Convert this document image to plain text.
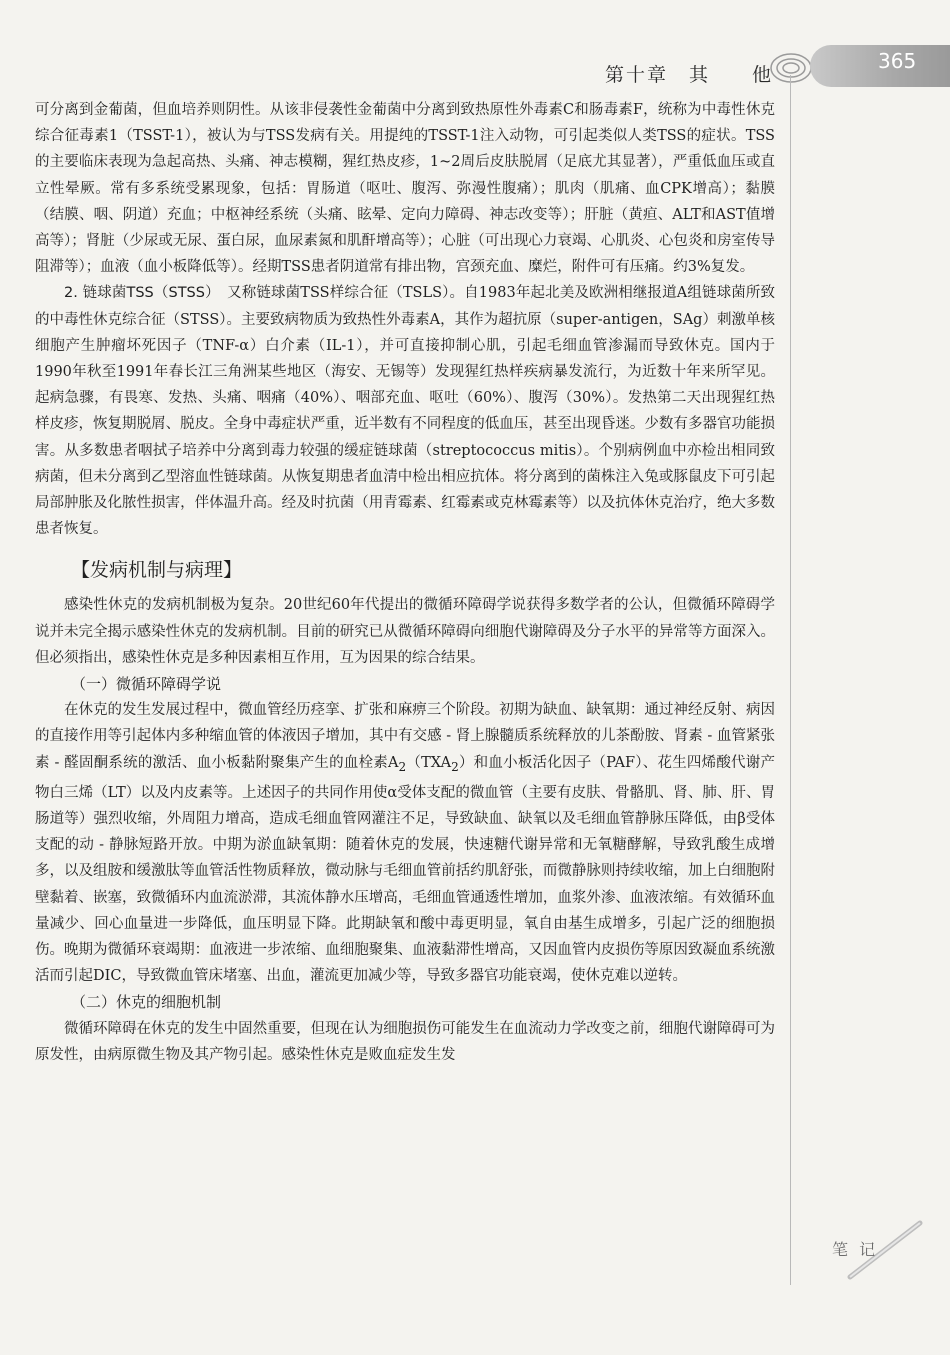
第十章　其　　他
365

可分离到金葡菌，但血培养则阴性。从该非侵袭性金葡菌中分离到致热原性外毒素C和肠毒素F，统称为中毒性休克综合征毒素1（TSST-1），被认为与TSS发病有关。用提纯的TSST-1注入动物，可引起类似人类TSS的症状。TSS的主要临床表现为急起高热、头痛、神志模糊，猩红热皮疹，1~2周后皮肤脱屑（足底尤其显著），严重低血压或直立性晕厥。常有多系统受累现象，包括：胃肠道（呕吐、腹泻、弥漫性腹痛）；肌肉（肌痛、血CPK增高）；黏膜（结膜、咽、阴道）充血；中枢神经系统（头痛、眩晕、定向力障碍、神志改变等）；肝脏（黄疸、ALT和AST值增高等）；肾脏（少尿或无尿、蛋白尿，血尿素氮和肌酐增高等）；心脏（可出现心力衰竭、心肌炎、心包炎和房室传导阻滞等）；血液（血小板降低等）。经期TSS患者阴道常有排出物，宫颈充血、糜烂，附件可有压痛。约3%复发。

2. 链球菌TSS（STSS）　 又称链球菌TSS样综合征（TSLS）。自1983年起北美及欧洲相继报道A组链球菌所致的中毒性休克综合征（STSS）。主要致病物质为致热性外毒素A，其作为超抗原（super-antigen，SAg）刺激单核细胞产生肿瘤坏死因子（TNF-α）白介素（IL-1），并可直接抑制心肌，引起毛细血管渗漏而导致休克。国内于1990年秋至1991年春长江三角洲某些地区（海安、无锡等）发现猩红热样疾病暴发流行，为近数十年来所罕见。起病急骤，有畏寒、发热、头痛、咽痛（40%）、咽部充血、呕吐（60%）、腹泻（30%）。发热第二天出现猩红热样皮疹，恢复期脱屑、脱皮。全身中毒症状严重，近半数有不同程度的低血压，甚至出现昏迷。少数有多器官功能损害。从多数患者咽拭子培养中分离到毒力较强的缓症链球菌（streptococcus mitis）。个别病例血中亦检出相同致病菌，但未分离到乙型溶血性链球菌。从恢复期患者血清中检出相应抗体。将分离到的菌株注入兔或豚鼠皮下可引起局部肿胀及化脓性损害，伴体温升高。经及时抗菌（用青霉素、红霉素或克林霉素等）以及抗体休克治疗，绝大多数患者恢复。

【发病机制与病理】

感染性休克的发病机制极为复杂。20世纪60年代提出的微循环障碍学说获得多数学者的公认，但微循环障碍学说并未完全揭示感染性休克的发病机制。目前的研究已从微循环障碍向细胞代谢障碍及分子水平的异常等方面深入。但必须指出，感染性休克是多种因素相互作用，互为因果的综合结果。

（一）微循环障碍学说

在休克的发生发展过程中，微血管经历痉挛、扩张和麻痹三个阶段。初期为缺血、缺氧期：通过神经反射、病因的直接作用等引起体内多种缩血管的体液因子增加，其中有交感 - 肾上腺髓质系统释放的儿茶酚胺、肾素 - 血管紧张素 - 醛固酮系统的激活、血小板黏附聚集产生的血栓素$A_2(TXA_2)$和血小板活化因子（PAF）、花生四烯酸代谢产物白三烯（LT）以及内皮素等。上述因子的共同作用使α受体支配的微血管（主要有皮肤、骨骼肌、肾、肺、肝、胃肠道等）强烈收缩，外周阻力增高，造成毛细血管网灌注不足，导致缺血、缺氧以及毛细血管静脉压降低，由β受体支配的动 - 静脉短路开放。中期为淤血缺氧期：随着休克的发展，快速糖代谢异常和无氧糖酵解，导致乳酸生成增多，以及组胺和缓激肽等血管活性物质释放，微动脉与毛细血管前括约肌舒张，而微静脉则持续收缩，加上白细胞附壁黏着、嵌塞，致微循环内血流淤滞，其流体静水压增高，毛细血管通透性增加，血浆外渗、血液浓缩。有效循环血量减少、回心血量进一步降低，血压明显下降。此期缺氧和酸中毒更明显，氧自由基生成增多，引起广泛的细胞损伤。晚期为微循环衰竭期：血液进一步浓缩、血细胞聚集、血液黏滞性增高，又因血管内皮损伤等原因致凝血系统激活而引起DIC，导致微血管床堵塞、出血，灌流更加减少等，导致多器官功能衰竭，使休克难以逆转。

（二）休克的细胞机制

微循环障碍在休克的发生中固然重要，但现在认为细胞损伤可能发生在血流动力学改变之前，细胞代谢障碍可为原发性，由病原微生物及其产物引起。感染性休克是败血症发生发

笔 记
